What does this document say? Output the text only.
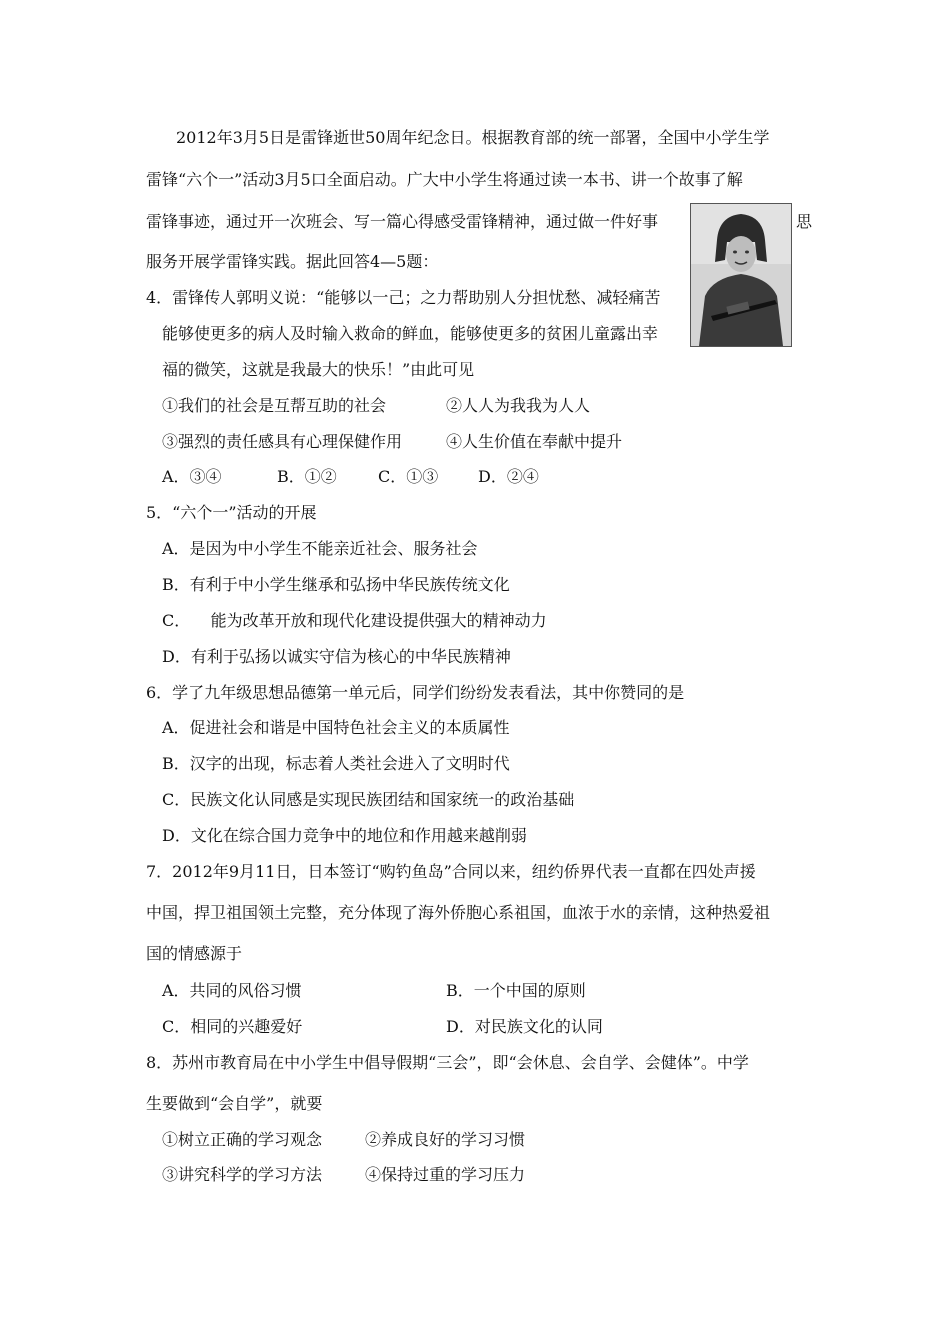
2012年3月5日是雷锋逝世50周年纪念日。根据教育部的统一部署，全国中小学生学
雷锋“六个一”活动3月5口全面启动。广大中小学生将通过读一本书、讲一个故事了解
雷锋事迹，通过开一次班会、写一篇心得感受雷锋精神，通过做一件好事	思
服务开展学雷锋实践。据此回答4—5题：
4．雷锋传人郭明义说：“能够以一己；之力帮助别人分担忧愁、减轻痛苦
能够使更多的病人及时输入救命的鲜血，能够使更多的贫困儿童露出幸
福的微笑，这就是我最大的快乐！”由此可见
①我们的社会是互帮互助的社会	②人人为我我为人人
③强烈的责任感具有心理保健作用	④人生价值在奉献中提升
A．③④	B．①②	C．①③ D．②④
5．“六个一”活动的开展
A．是因为中小学生不能亲近社会、服务社会
B．有利于中小学生继承和弘扬中华民族传统文化
C．    能为改革开放和现代化建设提供强大的精神动力
D．有利于弘扬以诚实守信为核心的中华民族精神
6．学了九年级思想品德第一单元后，同学们纷纷发表看法，其中你赞同的是
A．促进社会和谐是中国特色社会主义的本质属性
B．汉字的出现，标志着人类社会进入了文明时代
C．民族文化认同感是实现民族团结和国家统一的政治基础
D．文化在综合国力竞争中的地位和作用越来越削弱
7．2012年9月11日，日本签订“购钓鱼岛”合同以来，纽约侨界代表一直都在四处声援
中国，捍卫祖国领土完整，充分体现了海外侨胞心系祖国，血浓于水的亲情，这种热爱祖
国的情感源于
A．共同的风俗习惯	B．一个中国的原则
C．相同的兴趣爱好	D．对民族文化的认同
8．苏州市教育局在中小学生中倡导假期“三会”，即“会休息、会自学、会健体”。中学
生要做到“会自学”，就要
①树立正确的学习观念	②养成良好的学习习惯
③讲究科学的学习方法	④保持过重的学习压力
